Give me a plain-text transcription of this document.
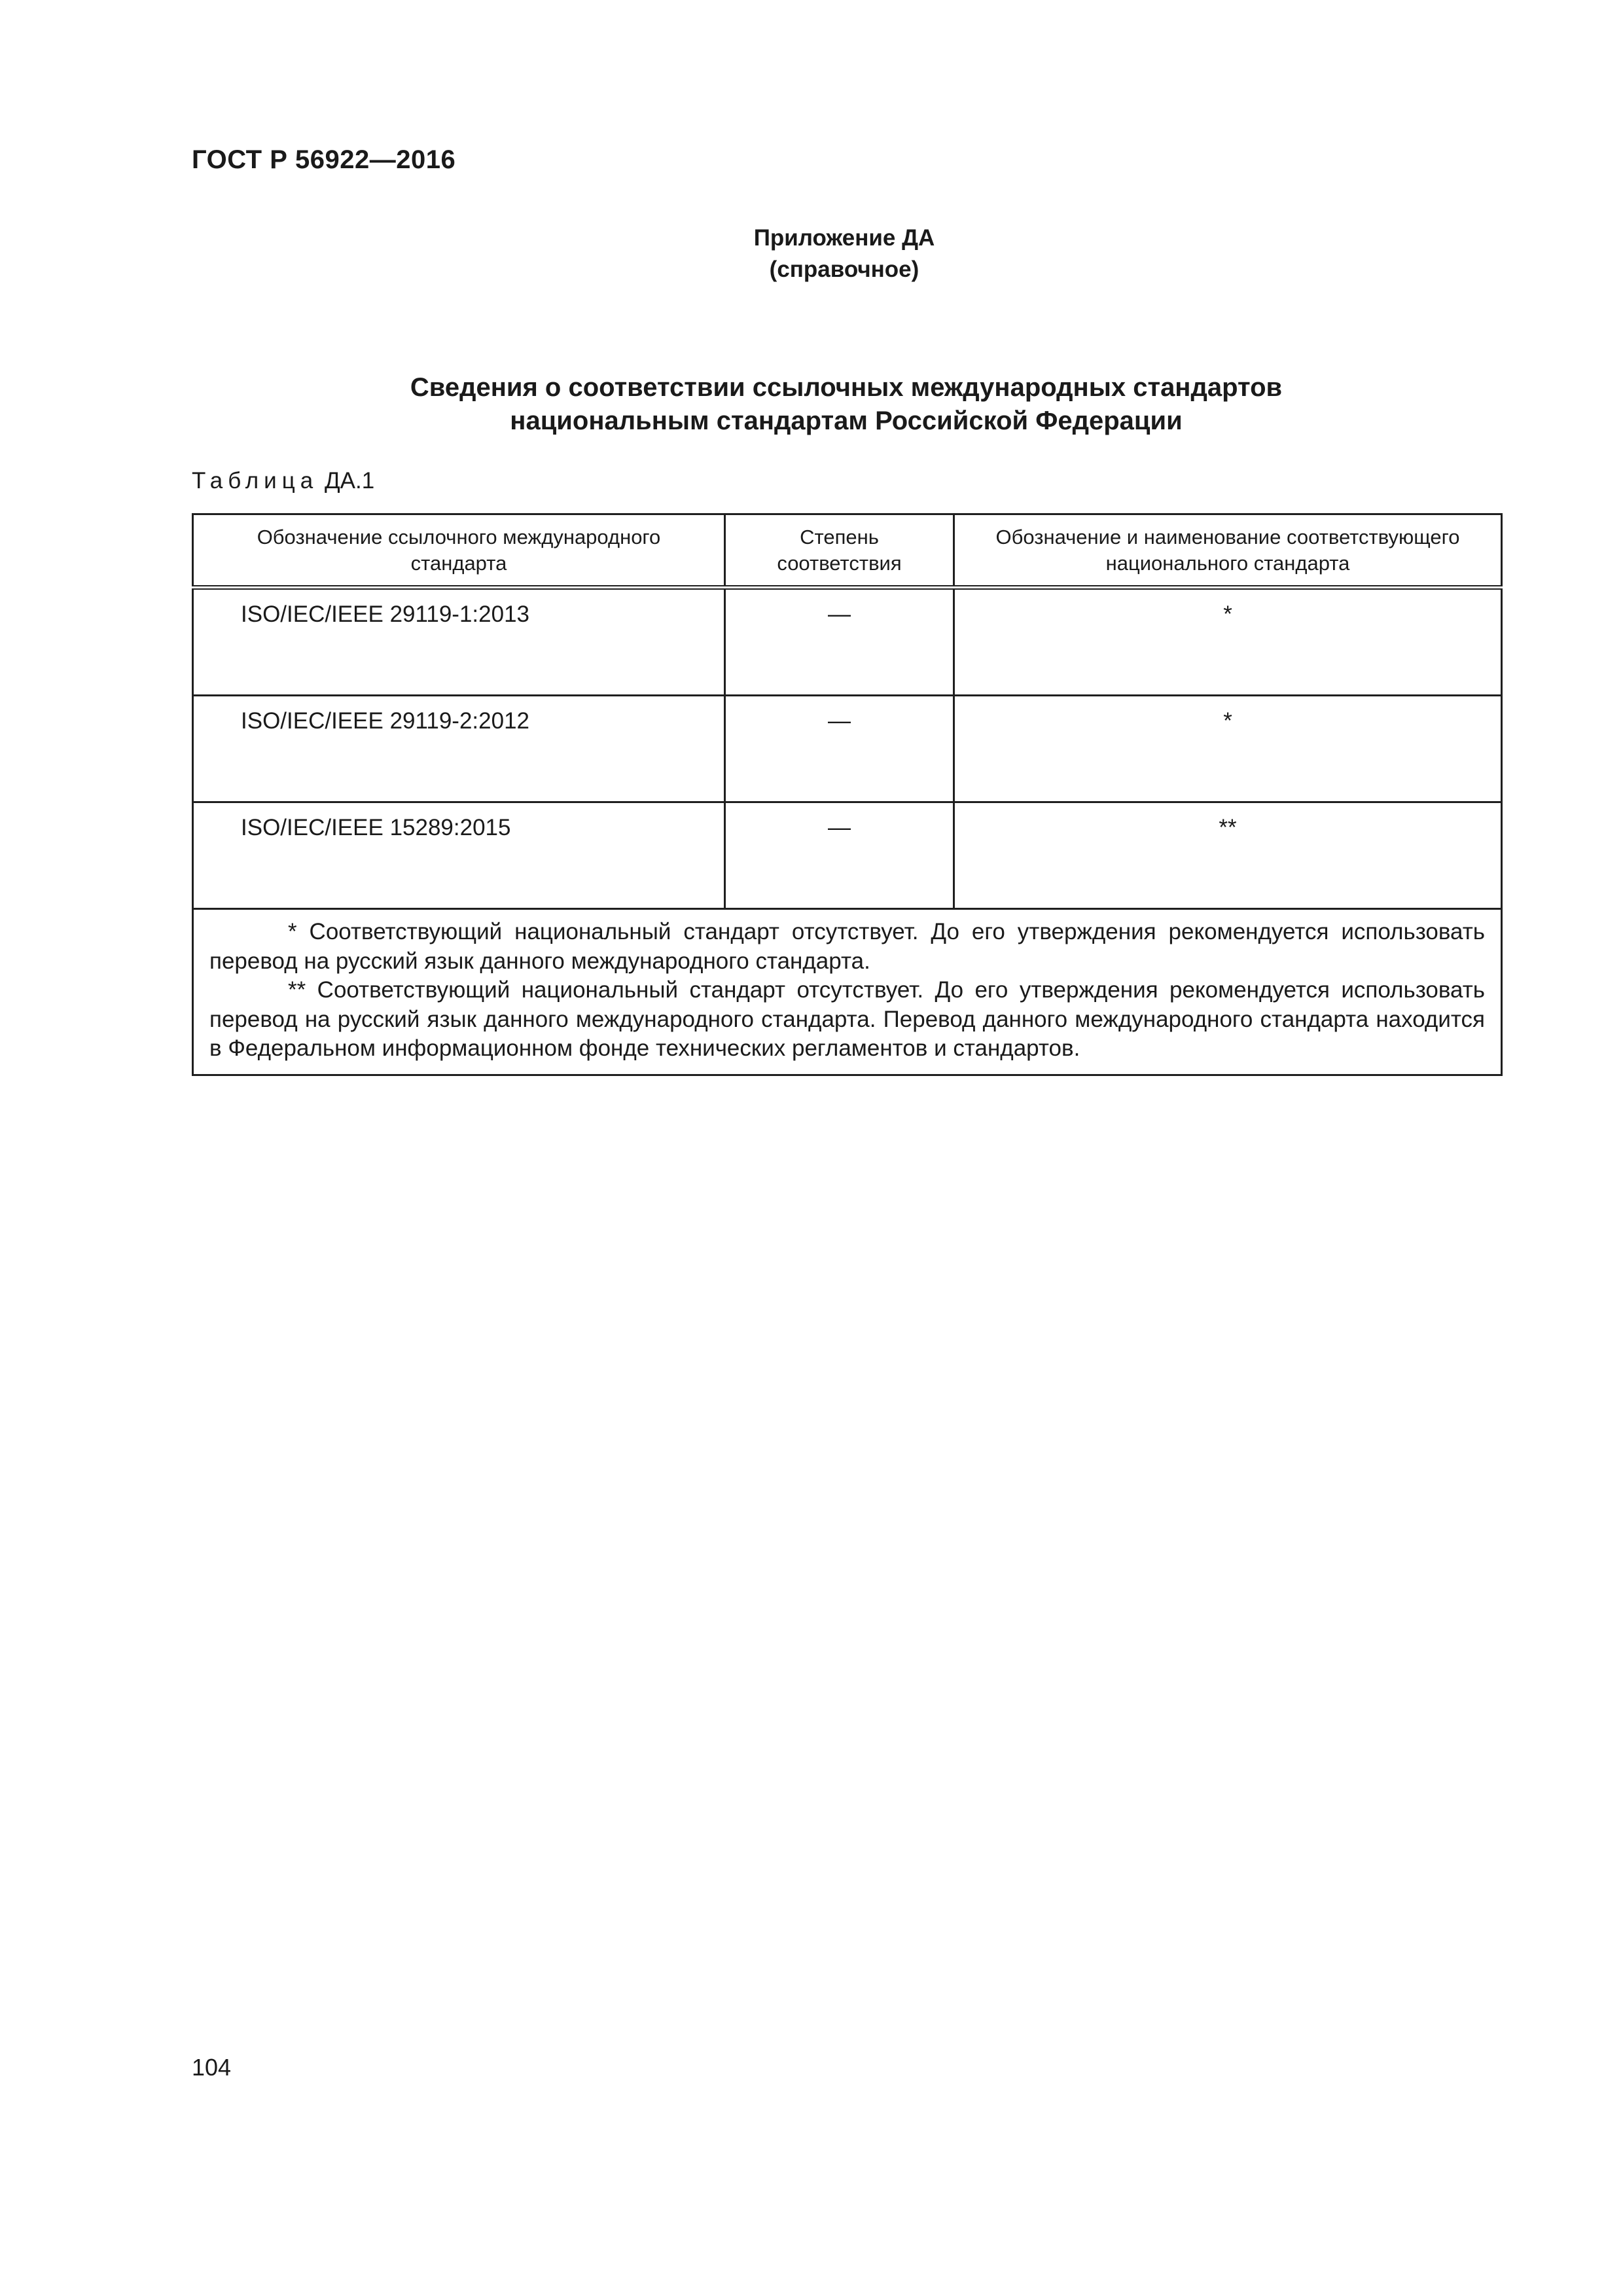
ГОСТ Р 56922—2016
Приложение ДА
(справочное)
Сведения о соответствии ссылочных международных стандартов
национальным стандартам Российской Федерации
Таблица ДА.1
Обозначение ссылочного международного стандарта	Степень соответствия	Обозначение и наименование соответствующего национального стандарта

ISO/IEC/IEEE 29119-1:2013	—	*

ISO/IEC/IEEE 29119-2:2012	—	*

ISO/IEC/IEEE 15289:2015	—	**

* Соответствующий национальный стандарт отсутствует. До его утверждения рекомендуется использовать перевод на русский язык данного международного стандарта.
** Соответствующий национальный стандарт отсутствует. До его утверждения рекомендуется использовать перевод на русский язык данного международного стандарта. Перевод данного международного стандарта находится в Федеральном информационном фонде технических регламентов и стандартов.		
104
